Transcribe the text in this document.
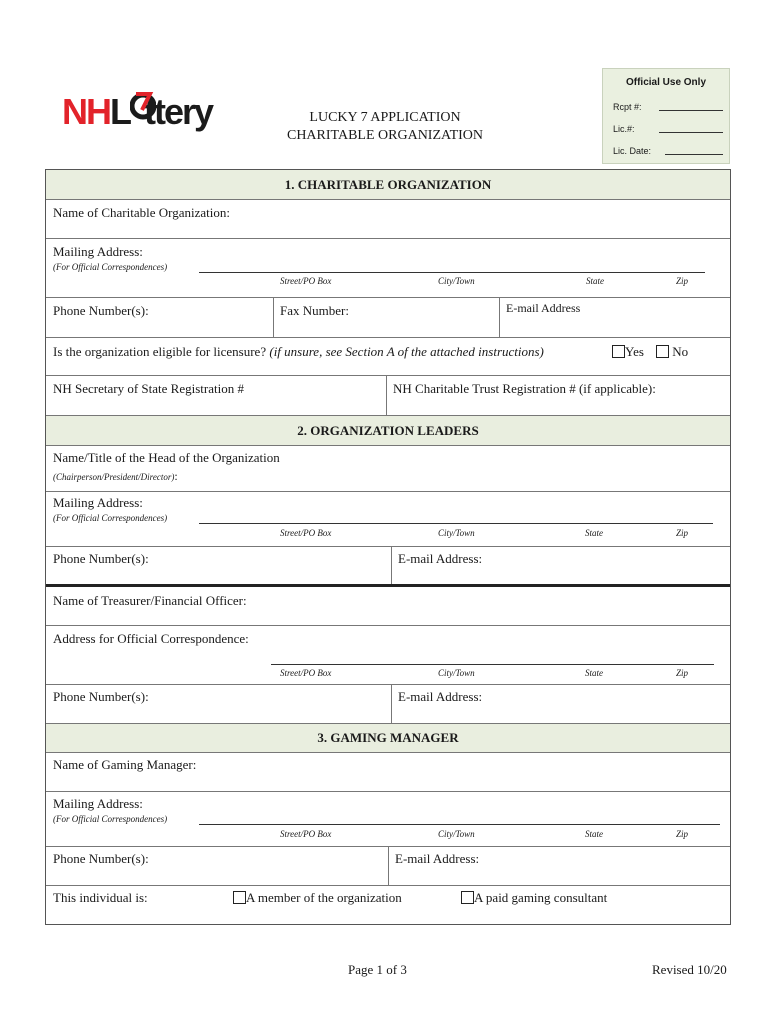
NH L ttery	LUCKY 7 APPLICATION
CHARITABLE ORGANIZATION
Official Use Only
Rcpt #:
Lic.#:
Lic. Date:
1. CHARITABLE ORGANIZATION
Name of Charitable Organization:
Mailing Address:
(For Official Correspondences)
Street/PO Box	City/Town	State	Zip
Phone Number(s):	Fax Number:	E-mail Address
Is the organization eligible for licensure? (if unsure, see Section A of the attached instructions)	Yes	No
NH Secretary of State Registration #	NH Charitable Trust Registration # (if applicable):
2. ORGANIZATION LEADERS
Name/Title of the Head of the Organization
(Chairperson/President/Director):
Mailing Address:
(For Official Correspondences)
Street/PO Box	City/Town	State	Zip
Phone Number(s):	E-mail Address:
Name of Treasurer/Financial Officer:
Address for Official Correspondence:
Street/PO Box	City/Town	State	Zip
Phone Number(s):	E-mail Address:
3. GAMING MANAGER
Name of Gaming Manager:
Mailing Address:
(For Official Correspondences)
Street/PO Box	City/Town	State	Zip
Phone Number(s):	E-mail Address:
This individual is:	A member of the organization	A paid gaming consultant
Page 1 of 3	Revised 10/20
